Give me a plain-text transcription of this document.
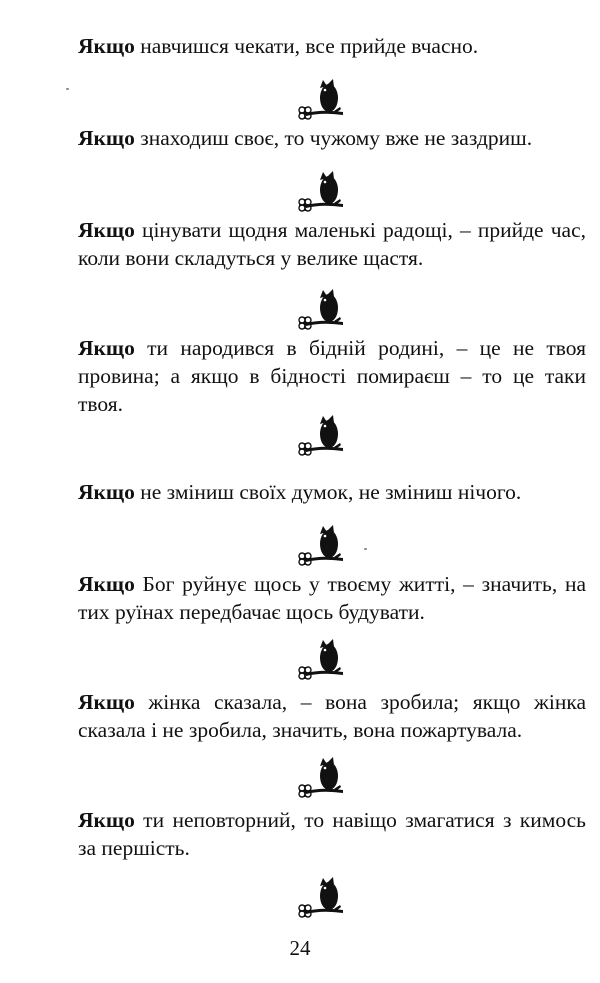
Якщо навчишся чекати, все прийде вчасно.

Якщо знаходиш своє, то чужому вже не заздриш.

Якщо цінувати щодня маленькі радощі, – прийде час, коли вони складуться у велике щастя.

Якщо ти народився в бідній родині, – це не твоя провина; а якщо в бідності помираєш – то це таки твоя.

Якщо не зміниш своїх думок, не зміниш нічого.

Якщо Бог руйнує щось у твоєму житті, – значить, на тих руїнах передбачає щось будувати.

Якщо жінка сказала, – вона зробила; якщо жінка сказала і не зробила, значить, вона пожартувала.

Якщо ти неповторний, то навіщо змагатися з кимось за першість.

24
